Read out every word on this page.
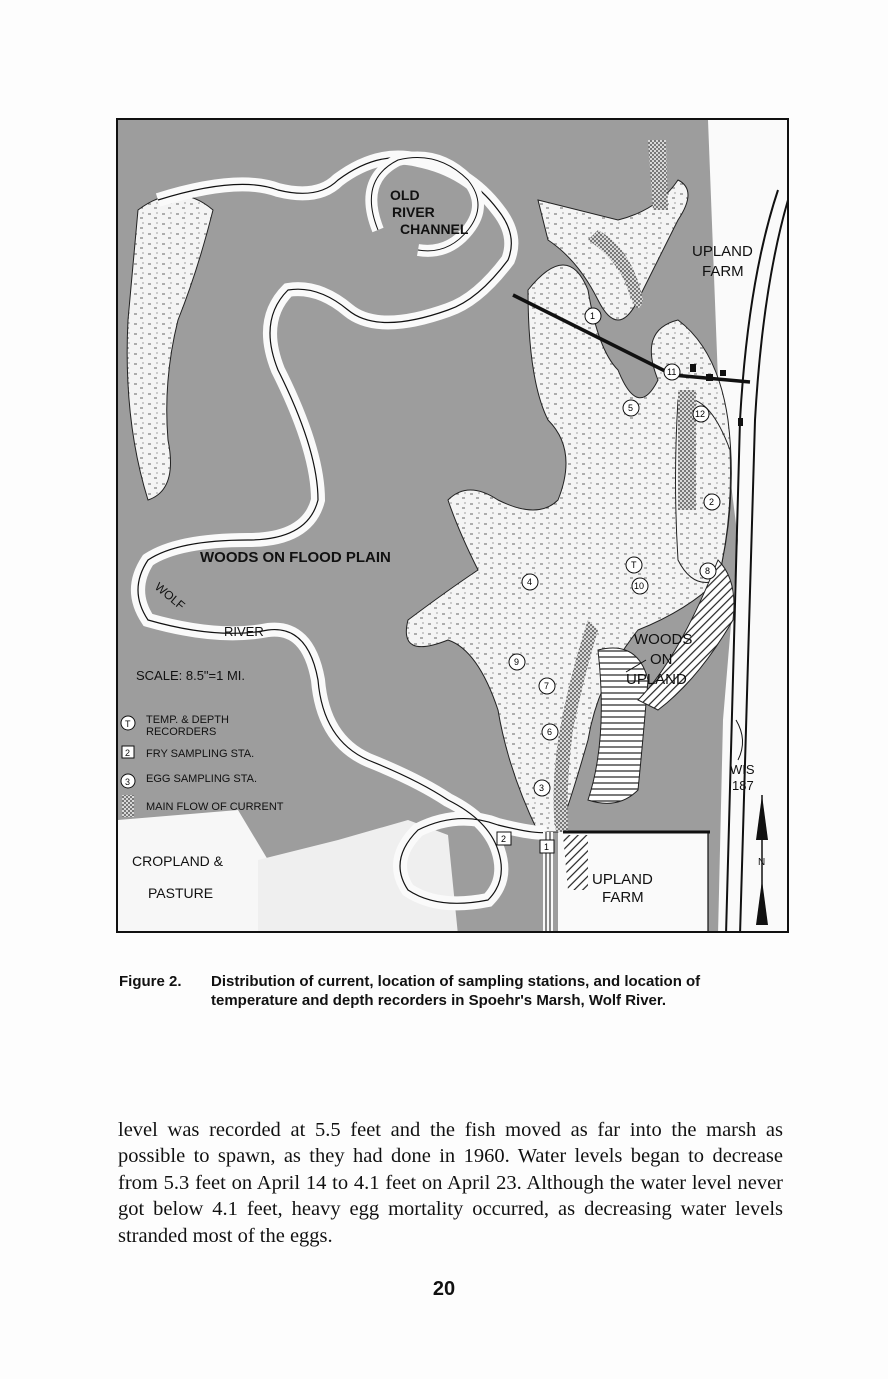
OLD
RIVER
CHANNEL
UPLAND
FARM
WOODS ON FLOOD PLAIN
WOLF
RIVER
SCALE: 8.5"=1 MI.
WOODS
ON
UPLAND
WIS
187
CROPLAND &
PASTURE
UPLAND
FARM
N
T TEMP. & DEPTH
RECORDERS
2 FRY SAMPLING STA.
3 EGG SAMPLING STA.
MAIN FLOW OF CURRENT
1
2
3
4
5
6
7
8
9
10
11
12
T
1
2
Figure 2. Distribution of current, location of sampling stations, and location of temperature and depth recorders in Spoehr's Marsh, Wolf River.

level was recorded at 5.5 feet and the fish moved as far into the marsh as possible to spawn, as they had done in 1960. Water levels began to decrease from 5.3 feet on April 14 to 4.1 feet on April 23. Although the water level never got below 4.1 feet, heavy egg mortality occurred, as decreasing water levels stranded most of the eggs.

20
